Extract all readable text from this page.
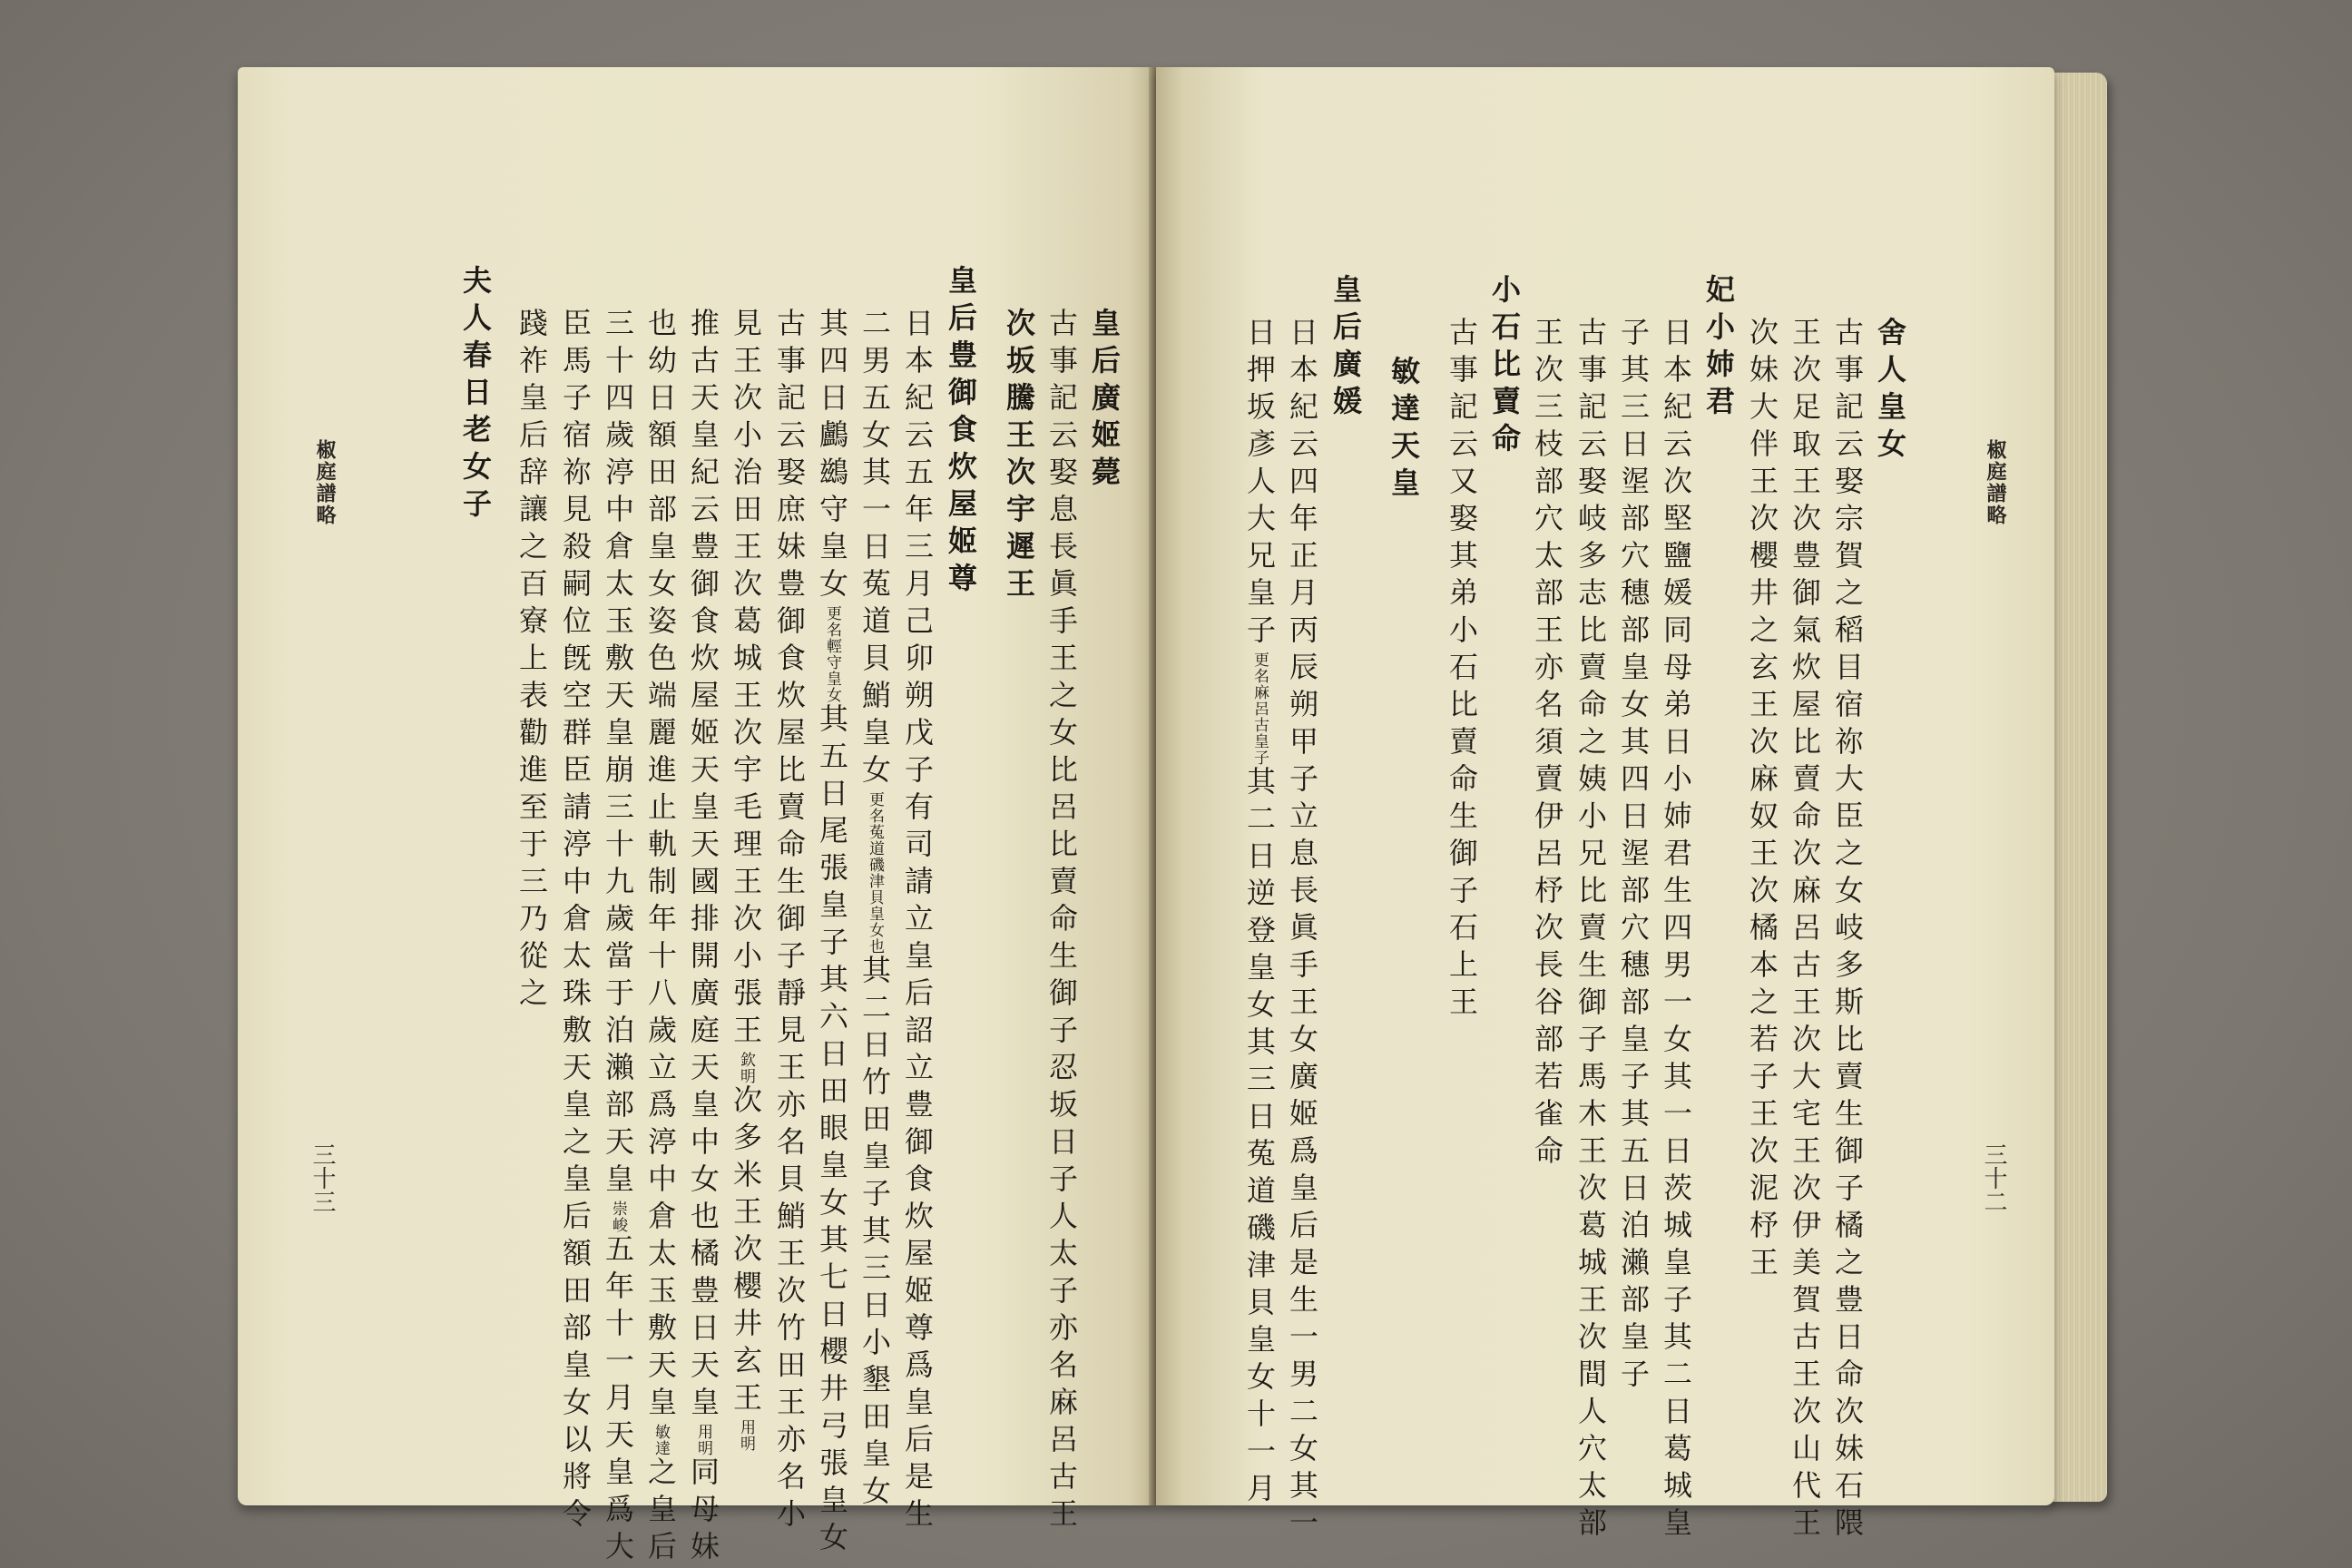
椒庭譜略
三十三
皇后廣姬薨
古事記云娶息長眞手王之女比呂比賣命生御子忍坂日子人太子亦名麻呂古王
次坂騰王次宇遲王
皇后豊御食炊屋姬尊
日本紀云五年三月己卯朔戊子有司請立皇后詔立豊御食炊屋姬尊爲皇后是生
二男五女其一日菟道貝鮹皇女更名菟道磯津貝皇女也其二日竹田皇子其三日小墾田皇女
其四日鸕鷀守皇女更名輕守皇女其五日尾張皇子其六日田眼皇女其七日櫻井弓張皇女
古事記云娶庶妹豊御食炊屋比賣命生御子靜見王亦名貝鮹王次竹田王亦名小
見王次小治田王次葛城王次宇毛理王次小張王欽明次多米王次櫻井玄王用明
推古天皇紀云豊御食炊屋姬天皇天國排開廣庭天皇中女也橘豊日天皇用明同母妹
也幼日額田部皇女姿色端麗進止軌制年十八歲立爲渟中倉太玉敷天皇敏達之皇后
三十四歲渟中倉太玉敷天皇崩三十九歲當于泊瀨部天皇崇峻五年十一月天皇爲大
臣馬子宿祢見殺嗣位旣空群臣請渟中倉太珠敷天皇之皇后額田部皇女以將令
踐祚皇后辞讓之百寮上表勸進至于三乃從之
夫人春日老女子	椒庭譜略
三十二
舍人皇女
古事記云娶宗賀之稻目宿祢大臣之女岐多斯比賣生御子橘之豊日命次妹石隈
王次足取王次豊御氣炊屋比賣命次麻呂古王次大宅王次伊美賀古王次山代王
次妹大伴王次櫻井之玄王次麻奴王次橘本之若子王次泥杼王
妃小姉君
日本紀云次堅鹽媛同母弟日小姉君生四男一女其一日茨城皇子其二日葛城皇
子其三日埿部穴穗部皇女其四日埿部穴穗部皇子其五日泊瀨部皇子
古事記云娶岐多志比賣命之姨小兄比賣生御子馬木王次葛城王次間人穴太部
王次三枝部穴太部王亦名須賣伊呂杼次長谷部若雀命
小石比賣命
古事記云又娶其弟小石比賣命生御子石上王
敏達天皇
皇后廣媛
日本紀云四年正月丙辰朔甲子立息長眞手王女廣姬爲皇后是生一男二女其一
日押坂彥人大兄皇子更名麻呂古皇子其二日逆登皇女其三日菟道磯津貝皇女十一月
